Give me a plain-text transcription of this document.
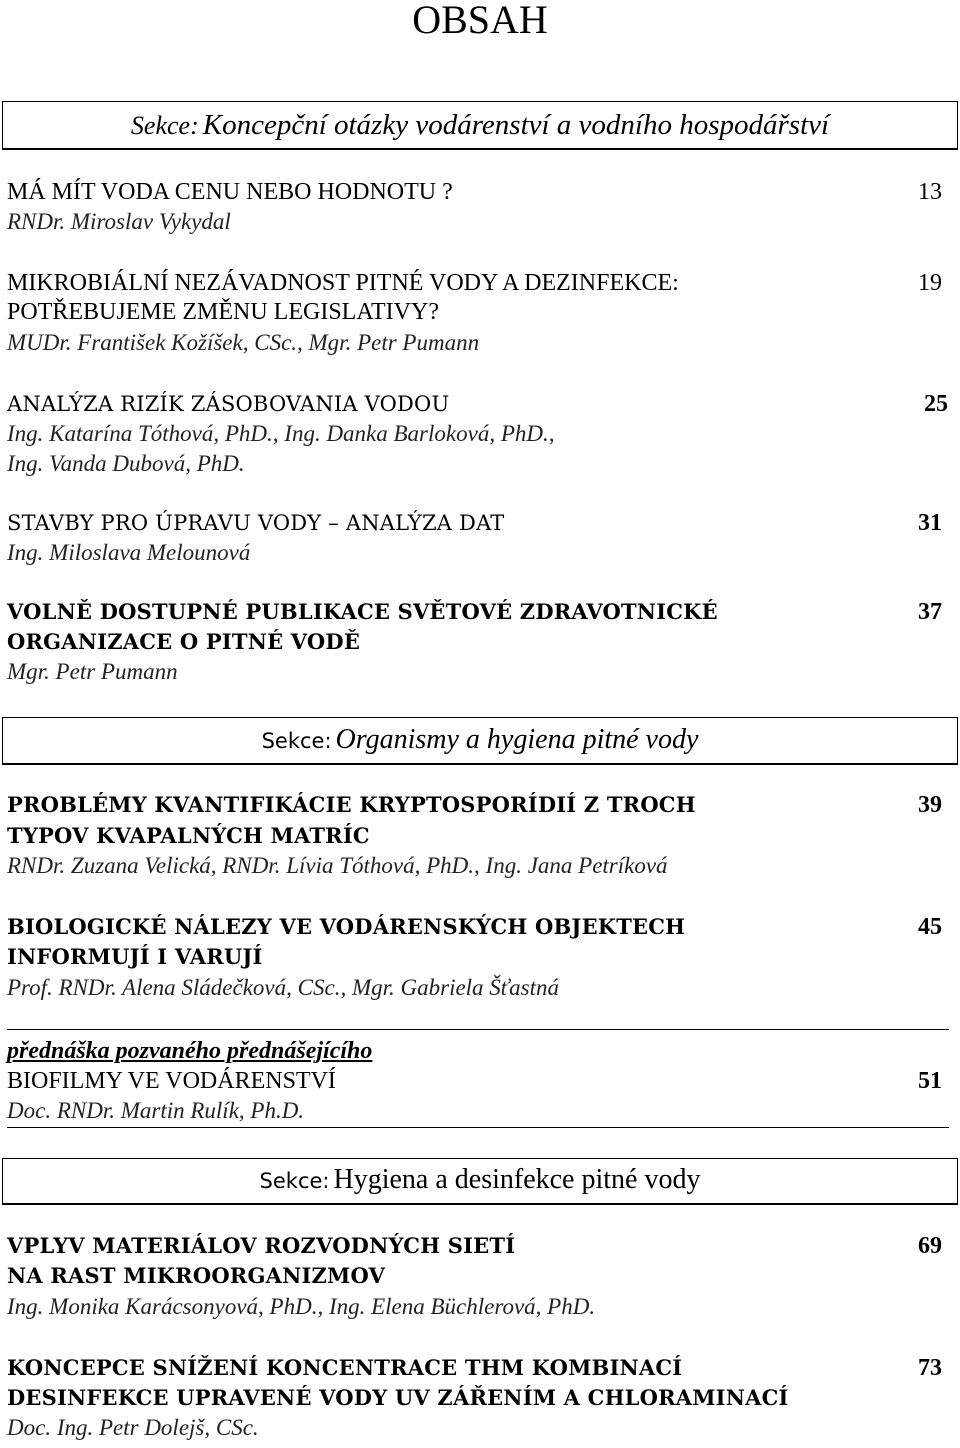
OBSAH
Sekce: Koncepční otázky vodárenství a vodního hospodářství
MÁ MÍT VODA CENU NEBO HODNOTU ?	13
RNDr. Miroslav Vykydal
MIKROBIÁLNÍ NEZÁVADNOST PITNÉ VODY A DEZINFEKCE:	19
POTŘEBUJEME ZMĚNU LEGISLATIVY?
MUDr. František Kožíšek, CSc., Mgr. Petr Pumann
ANALÝZA RIZÍK ZÁSOBOVANIA VODOU	25
Ing. Katarína Tóthová, PhD., Ing. Danka Barloková, PhD.,
Ing. Vanda Dubová, PhD.
STAVBY PRO ÚPRAVU VODY – ANALÝZA DAT	31
Ing. Miloslava Melounová
VOLNĚ DOSTUPNÉ PUBLIKACE SVĚTOVÉ ZDRAVOTNICKÉ	37
ORGANIZACE O PITNÉ VODĚ
Mgr. Petr Pumann
Sekce: Organismy a hygiena pitné vody
PROBLÉMY KVANTIFIKÁCIE KRYPTOSPORÍDIÍ Z TROCH	39
TYPOV KVAPALNÝCH MATRÍC
RNDr. Zuzana Velická, RNDr. Lívia Tóthová, PhD., Ing. Jana Petríková
BIOLOGICKÉ NÁLEZY VE VODÁRENSKÝCH OBJEKTECH	45
INFORMUJÍ I VARUJÍ
Prof. RNDr. Alena Sládečková, CSc., Mgr. Gabriela Šťastná
přednáška pozvaného přednášejícího
BIOFILMY VE VODÁRENSTVÍ	51
Doc. RNDr. Martin Rulík, Ph.D.
Sekce: Hygiena a desinfekce pitné vody
VPLYV MATERIÁLOV ROZVODNÝCH SIETÍ	69
NA RAST MIKROORGANIZMOV
Ing. Monika Karácsonyová, PhD., Ing. Elena Büchlerová, PhD.
KONCEPCE SNÍŽENÍ KONCENTRACE THM KOMBINACÍ	73
DESINFEKCE UPRAVENÉ VODY UV ZÁŘENÍM A CHLORAMINACÍ
Doc. Ing. Petr Dolejš, CSc.
